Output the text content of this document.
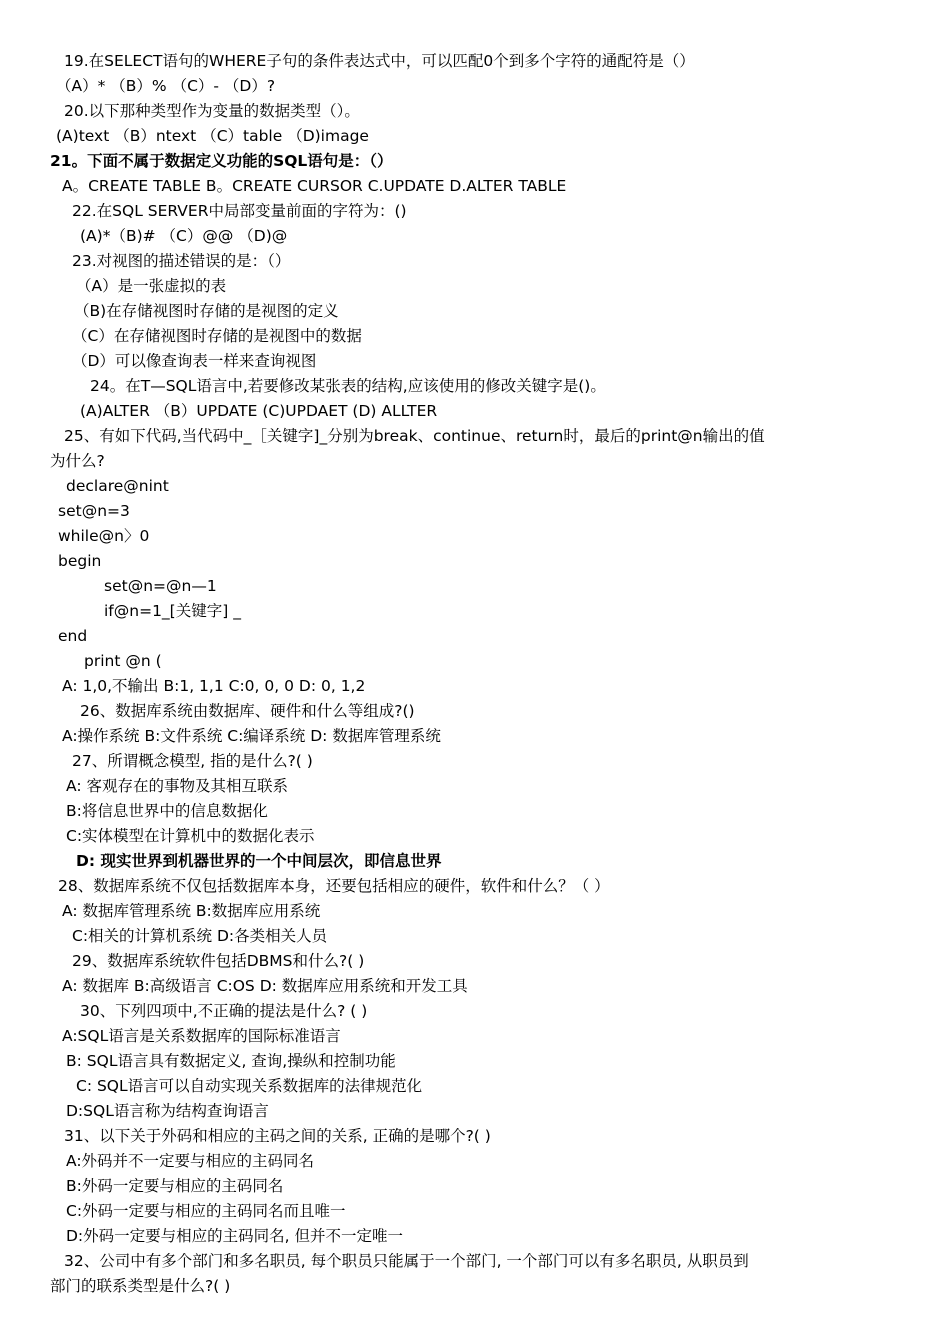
19.在SELECT语句的WHERE子句的条件表达式中，可以匹配0个到多个字符的通配符是（）
（A）* （B）% （C）- （D）?
20.以下那种类型作为变量的数据类型（）。
(A)text （B）ntext （C）table （D)image
21。下面不属于数据定义功能的SQL语句是：（）
A。CREATE TABLE B。CREATE CURSOR C.UPDATE D.ALTER TABLE
22.在SQL SERVER中局部变量前面的字符为：()
(A)*（B)# （C）@@ （D)@
23.对视图的描述错误的是：（）
（A）是一张虚拟的表
（B)在存储视图时存储的是视图的定义
（C）在存储视图时存储的是视图中的数据
（D）可以像查询表一样来查询视图
24。在T—SQL语言中,若要修改某张表的结构,应该使用的修改关键字是()。
(A)ALTER （B）UPDATE (C)UPDAET (D) ALLTER
25、有如下代码,当代码中_［关键字]_分别为break、continue、return时，最后的print@n输出的值
为什么?
declare@nint
set@n=3
while@n〉0
begin
set@n=@n—1
if@n=1_[关键字] _
end
print @n (
A: 1,0,不输出 B:1, 1,1 C:0, 0, 0 D: 0, 1,2
26、数据库系统由数据库、硬件和什么等组成?()
A:操作系统 B:文件系统 C:编译系统 D: 数据库管理系统
27、所谓概念模型, 指的是什么?( )
A: 客观存在的事物及其相互联系
B:将信息世界中的信息数据化
C:实体模型在计算机中的数据化表示
D: 现实世界到机器世界的一个中间层次，即信息世界
28、数据库系统不仅包括数据库本身，还要包括相应的硬件，软件和什么？（ ）
A: 数据库管理系统 B:数据库应用系统
C:相关的计算机系统 D:各类相关人员
29、数据库系统软件包括DBMS和什么?( )
A: 数据库 B:高级语言 C:OS D: 数据库应用系统和开发工具
30、下列四项中,不正确的提法是什么? ( )
A:SQL语言是关系数据库的国际标准语言
B: SQL语言具有数据定义, 查询,操纵和控制功能
C: SQL语言可以自动实现关系数据库的法律规范化
D:SQL语言称为结构查询语言
31、以下关于外码和相应的主码之间的关系, 正确的是哪个?( )
A:外码并不一定要与相应的主码同名
B:外码一定要与相应的主码同名
C:外码一定要与相应的主码同名而且唯一
D:外码一定要与相应的主码同名, 但并不一定唯一
32、公司中有多个部门和多名职员, 每个职员只能属于一个部门, 一个部门可以有多名职员, 从职员到
部门的联系类型是什么?( )
